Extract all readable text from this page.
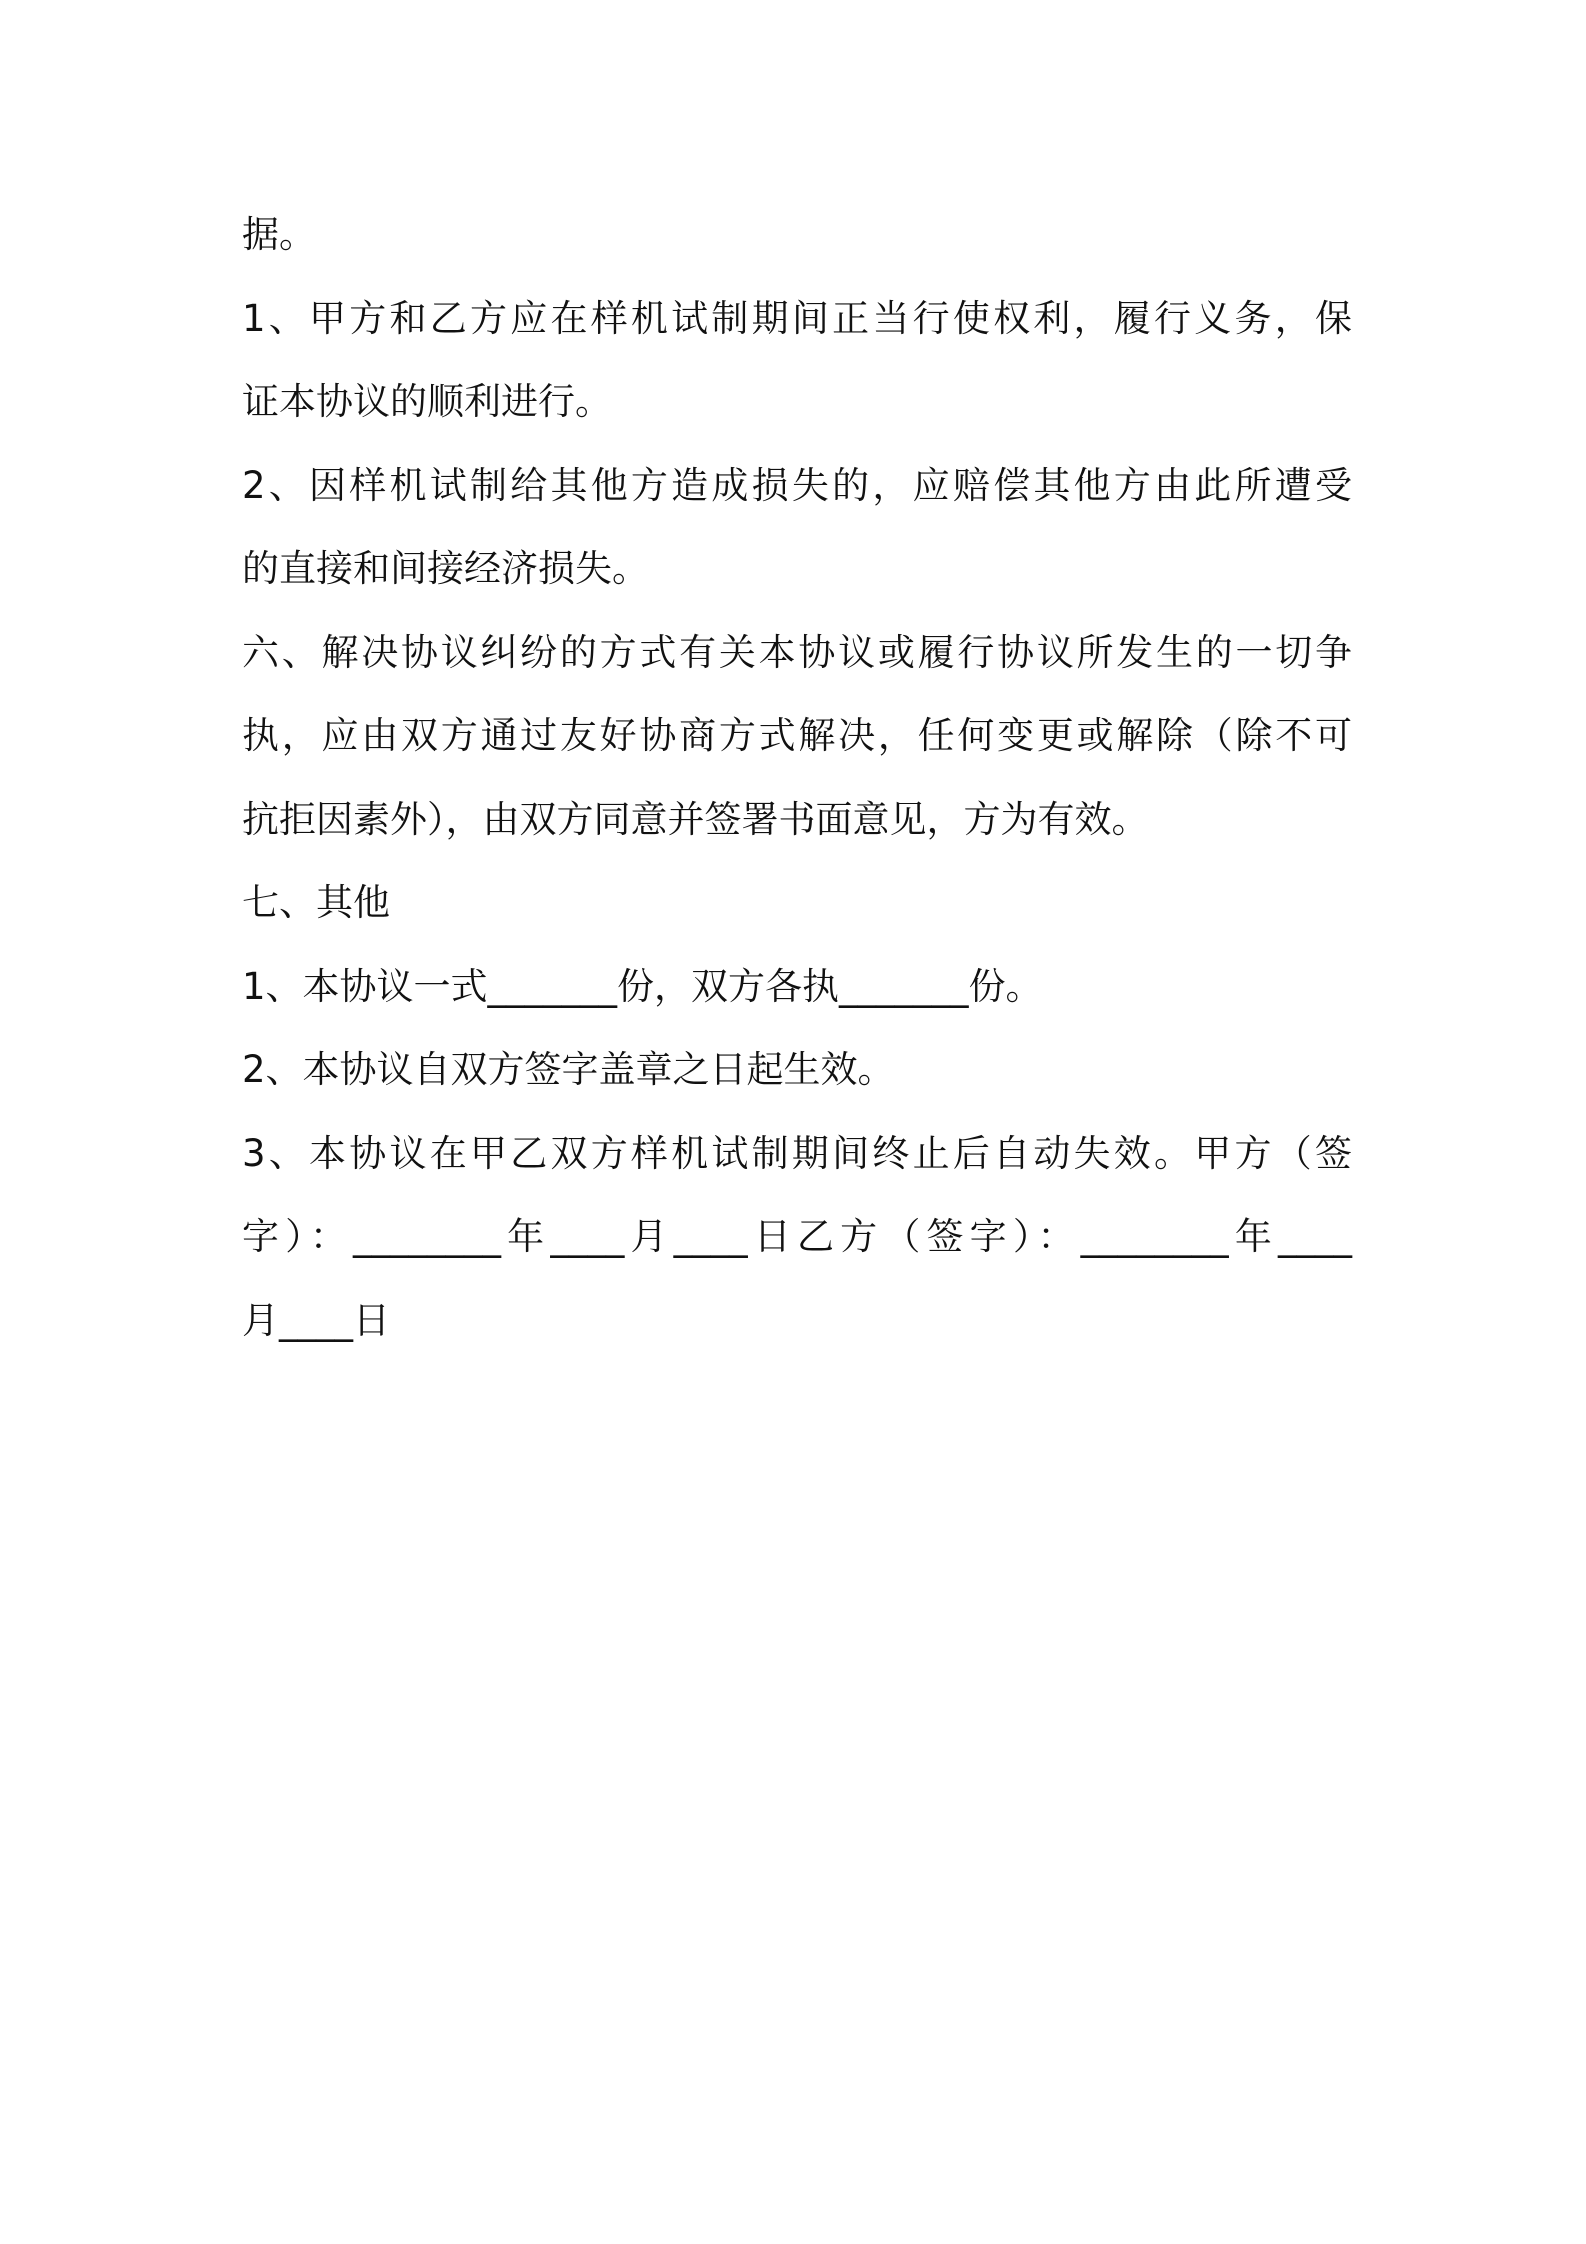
据。
1、甲方和乙方应在样机试制期间正当行使权利，履行义务，保
证本协议的顺利进行。
2、因样机试制给其他方造成损失的，应赔偿其他方由此所遭受
的直接和间接经济损失。
六、解决协议纠纷的方式有关本协议或履行协议所发生的一切争
执，应由双方通过友好协商方式解决，任何变更或解除（除不可
抗拒因素外），由双方同意并签署书面意见，方为有效。
七、其他
1、本协议一式_______份，双方各执_______份。
2、本协议自双方签字盖章之日起生效。
3、本协议在甲乙双方样机试制期间终止后自动失效。甲方（签
字）：________年____月____日乙方（签字）：________年____
月____日
